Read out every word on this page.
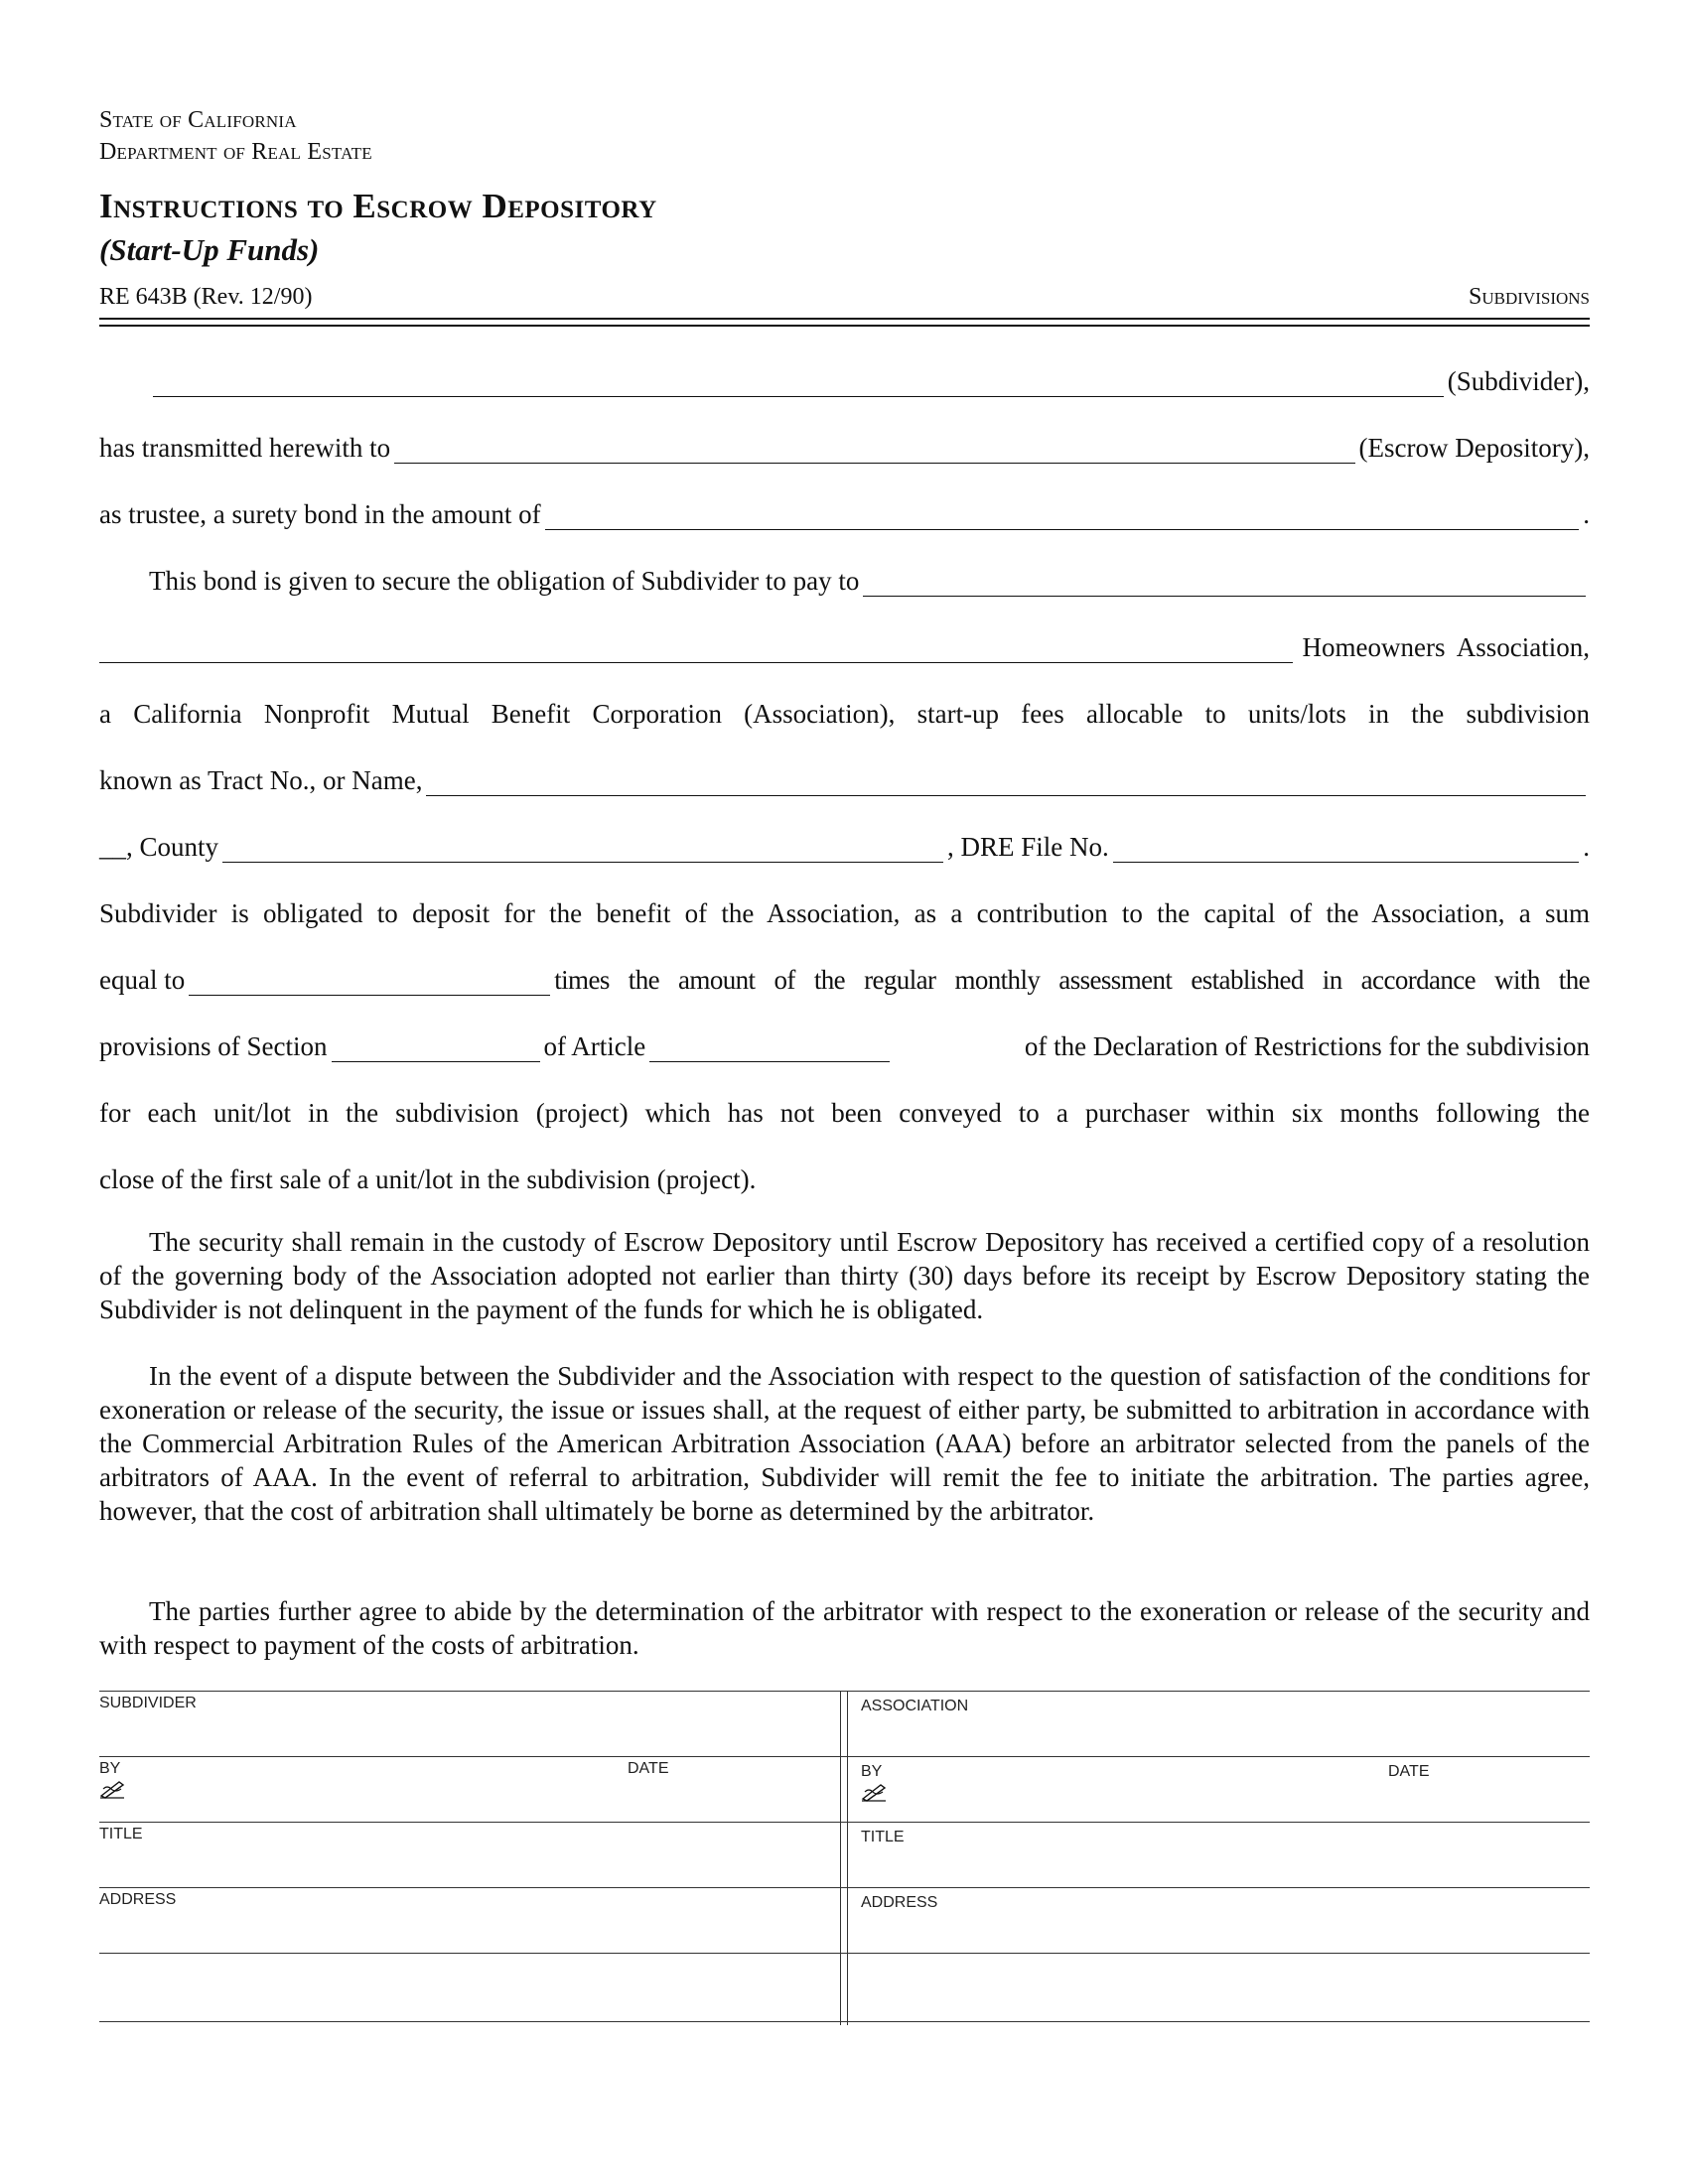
State of California
Department of Real Estate
Instructions to Escrow Depository
(Start-Up Funds)
RE 643B (Rev. 12/90)	Subdivisions
(Subdivider),
has transmitted herewith to	(Escrow Depository),
as trustee, a surety bond in the amount of	.
This bond is given to secure the obligation of Subdivider to pay to
Homeowners Association,
a California Nonprofit Mutual Benefit Corporation (Association), start-up fees allocable to units/lots in the subdivision
known as Tract No., or Name,
__, County	, DRE File No.	.
Subdivider is obligated to deposit for the benefit of the Association, as a contribution to the capital of the Association, a sum
equal to	times the amount of the regular monthly assessment established in accordance with the
provisions of Section	of Article	of the Declaration of Restrictions for the subdivision
for each unit/lot in the subdivision (project) which has not been conveyed to a purchaser within six months following the
close of the first sale of a unit/lot in the subdivision (project).
The security shall remain in the custody of Escrow Depository until Escrow Depository has received a certified copy of a resolution of the governing body of the Association adopted not earlier than thirty (30) days before its receipt by Escrow Depository stating the Subdivider is not delinquent in the payment of the funds for which he is obligated.
In the event of a dispute between the Subdivider and the Association with respect to the question of satisfaction of the conditions for exoneration or release of the security, the issue or issues shall, at the request of either party, be submitted to arbitration in accordance with the Commercial Arbitration Rules of the American Arbitration Association (AAA) before an arbitrator selected from the panels of the arbitrators of AAA. In the event of referral to arbitration, Subdivider will remit the fee to initiate the arbitration. The parties agree, however, that the cost of arbitration shall ultimately be borne as determined by the arbitrator.
The parties further agree to abide by the determination of the arbitrator with respect to the exoneration or release of the security and with respect to payment of the costs of arbitration.
SUBDIVIDER
BY	DATE
TITLE
ADDRESS
ASSOCIATION
BY	DATE
TITLE
ADDRESS
